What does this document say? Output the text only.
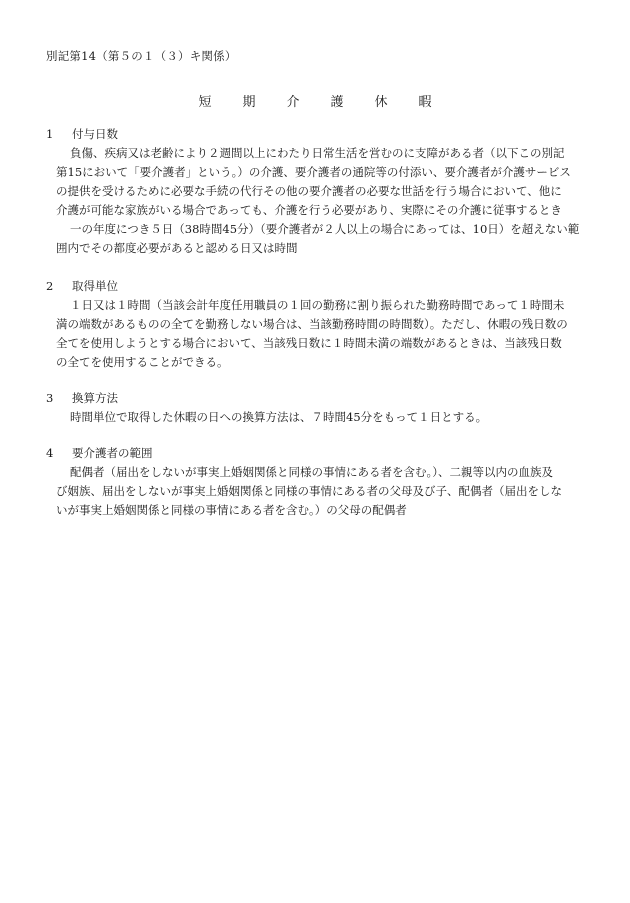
別記第14（第５の１（３）キ関係）
短 期 介 護 休 暇
1	付与日数
負傷、疾病又は老齢により２週間以上にわたり日常生活を営むのに支障がある者（以下この別記
第15において「要介護者」という。）の介護、要介護者の通院等の付添い、要介護者が介護サービス
の提供を受けるために必要な手続の代行その他の要介護者の必要な世話を行う場合において、他に
介護が可能な家族がいる場合であっても、介護を行う必要があり、実際にその介護に従事するとき
一の年度につき５日（38時間45分）（要介護者が２人以上の場合にあっては、10日）を超えない範
囲内でその都度必要があると認める日又は時間
2	取得単位
１日又は１時間（当該会計年度任用職員の１回の勤務に割り振られた勤務時間であって１時間未
満の端数があるものの全てを勤務しない場合は、当該勤務時間の時間数）。ただし、休暇の残日数の
全てを使用しようとする場合において、当該残日数に１時間未満の端数があるときは、当該残日数
の全てを使用することができる。
3	換算方法
時間単位で取得した休暇の日への換算方法は、７時間45分をもって１日とする。
4	要介護者の範囲
配偶者（届出をしないが事実上婚姻関係と同様の事情にある者を含む。）、二親等以内の血族及
び姻族、届出をしないが事実上婚姻関係と同様の事情にある者の父母及び子、配偶者（届出をしな
いが事実上婚姻関係と同様の事情にある者を含む。）の父母の配偶者
